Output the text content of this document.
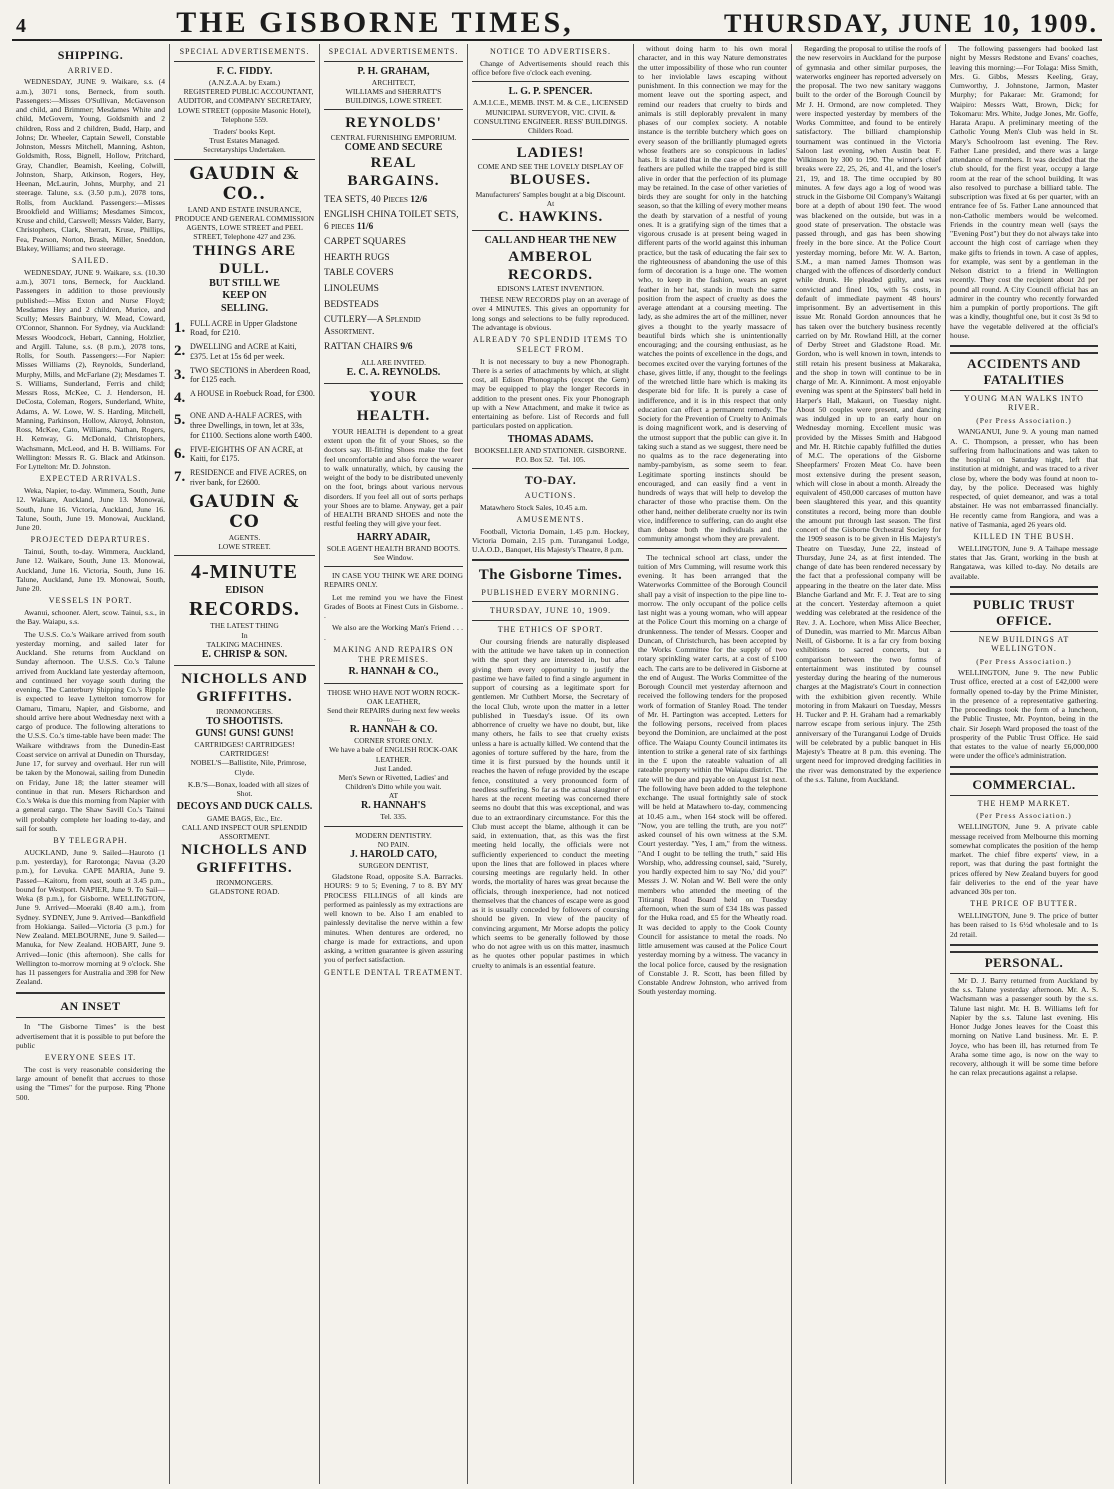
4	THE GISBORNE TIMES,	THURSDAY, JUNE 10, 1909.
SHIPPING.
ARRIVED.

WEDNESDAY, JUNE 9. Waikare, s.s. (4 a.m.), 3071 tons, Berneck, from south. Passengers:—Misses O'Sullivan, McGavenson and child, and Brimmer; Mesdames White and child, McGovern, Young, Goldsmith and 2 children, Ross and 2 children, Budd, Harp, and Johns; Dr. Wheeler, Captain Sewell, Constable Johnston, Messrs Mitchell, Manning, Ashton, Goldsmith, Ross, Bignell, Hollow, Pritchard, Gray, Chandler, Beamish, Keeling, Colwill, Johnston, Sharp, Atkinson, Rogers, Hey, Heenan, McLaurin, Johns, Murphy, and 21 steerage. Talune, s.s. (3.50 p.m.), 2078 tons, Rolls, from Auckland. Passengers:—Misses Brookfield and Williams; Mesdames Simcox, Kruse and child, Carswell; Messrs Valder, Barry, Christophers, Clark, Sherratt, Kruse, Phillips, Fea, Pearson, Norton, Brash, Miller, Sneddon, Blakey, Williams; and two steerage.

SAILED.

WEDNESDAY, JUNE 9. Waikare, s.s. (10.30 a.m.), 3071 tons, Berneck, for Auckland. Passengers in addition to those previously published:—Miss Exton and Nurse Floyd; Mesdames Hey and 2 children, Murice, and Scully; Messrs Bainbury, W. Mead, Coward, O'Connor, Shannon. For Sydney, via Auckland: Messrs Woodcock, Hebart, Canning, Holzlier, and Argill. Talune, s.s. (8 p.m.), 2078 tons, Rolls, for South. Passengers:—For Napier: Misses Williams (2), Reynolds, Sunderland, Murphy, Mills, and McFarlane (2); Mesdames T. S. Williams, Sunderland, Ferris and child; Messrs Ross, McKee, C. J. Henderson, H. DeCosta, Coleman, Rogers, Sunderland, White, Adams, A. W. Lowe, W. S. Harding, Mitchell, Manning, Parkinson, Hollow, Akroyd, Johnston, Ross, McKee, Cato, Williams, Nathan, Rogers, H. Kenway, G. McDonald, Christophers, Wachsmann, McLeod, and H. B. Williams. For Wellington: Messrs R. G. Black and Atkinson. For Lyttelton: Mr. D. Johnston.

EXPECTED ARRIVALS.

Weka, Napier, to-day. Wimmera, South, June 12. Waikare, Auckland, June 13. Monowai, South, June 16. Victoria, Auckland, June 16. Talune, South, June 19. Monowai, Auckland, June 20.

PROJECTED DEPARTURES.

Tainui, South, to-day. Wimmera, Auckland, June 12. Waikare, South, June 13. Monowai, Auckland, June 16. Victoria, South, June 16. Talune, Auckland, June 19. Monowai, South, June 20.

VESSELS IN PORT.

Awanui, schooner. Alert, scow. Tainui, s.s., in the Bay. Waiapu, s.s.

The U.S.S. Co.'s Waikare arrived from south yesterday morning, and sailed later for Auckland. She returns from Auckland on Sunday afternoon. The U.S.S. Co.'s Talune arrived from Auckland late yesterday afternoon, and continued her voyage south during the evening. The Canterbury Shipping Co.'s Ripple is expected to leave Lyttelton tomorrow for Oamaru, Timaru, Napier, and Gisborne, and should arrive here about Wednesday next with a cargo of produce. The following alterations to the U.S.S. Co.'s time-table have been made: The Waikare withdraws from the Dunedin-East Coast service on arrival at Dunedin on Thursday, June 17, for survey and overhaul. Her run will be taken by the Monowai, sailing from Dunedin on Friday, June 18; the latter steamer will continue in that run. Mesers Richardson and Co.'s Weka is due this morning from Napier with a general cargo. The Shaw Savill Co.'s Tainui will probably complete her loading to-day, and sail for south.

BY TELEGRAPH.

AUCKLAND, June 9. Sailed—Hauroto (1 p.m. yesterday), for Rarotonga; Navua (3.20 p.m.), for Levuka. CAPE MARIA, June 9. Passed—Kaitoru, from east, south at 3.45 p.m., bound for Westport. NAPIER, June 9. To Sail—Weka (8 p.m.), for Gisborne. WELLINGTON, June 9. Arrived—Moeraki (8.40 a.m.), from Sydney. SYDNEY, June 9. Arrived—Bankdfield from Hokianga. Sailed—Victoria (3 p.m.) for New Zealand. MELBOURNE, June 9. Sailed—Manuka, for New Zealand. HOBART, June 9. Arrived—Ionic (this afternoon). She calls for Wellington to-morrow morning at 9 o'clock. She has 11 passengers for Australia and 398 for New Zealand.

AN INSET

In "The Gisborne Times" is the best advertisement that it is possible to put before the public

EVERYONE SEES IT.

The cost is very reasonable considering the large amount of benefit that accrues to those using the "Times" for the purpose. Ring 'Phone 500.

SPECIAL ADVERTISEMENTS.
F. C. FIDDY.
(A.N.Z.A.A. by Exam.)

REGISTERED PUBLIC ACCOUNTANT, AUDITOR, and COMPANY SECRETARY, LOWE STREET (opposite Masonic Hotel), Telephone 559.

Traders' books Kept.
Trust Estates Managed.
Secretaryships Undertaken.
GAUDIN & CO..
LAND AND ESTATE INSURANCE, PRODUCE AND GENERAL COMMISSION AGENTS, LOWE STREET and PEEL STREET, Telephone 427 and 236.
THINGS ARE
DULL.
BUT STILL WE
KEEP ON
SELLING.
1. FULL ACRE in Upper Gladstone Road, for £210.
2. DWELLING and ACRE at Kaiti, £375. Let at 15s 6d per week.
3. TWO SECTIONS in Aberdeen Road, for £125 each.
4. A HOUSE in Roebuck Road, for £300.
5. ONE AND A-HALF ACRES, with three Dwellings, in town, let at 33s, for £1100. Sections alone worth £400.
6. FIVE-EIGHTHS OF AN ACRE, at Kaiti, for £175.
7. RESIDENCE and FIVE ACRES, on river bank, for £2600.
GAUDIN & CO
AGENTS.
LOWE STREET.
4-MINUTE
EDISON
RECORDS.
THE LATEST THING
In
TALKING MACHINES.
E. CHRISP & SON.
NICHOLLS AND
GRIFFITHS.
IRONMONGERS.
TO SHOOTISTS.
GUNS! GUNS! GUNS!
CARTRIDGES! CARTRIDGES! CARTRIDGES!

NOBEL'S—Ballistite, Nile, Primrose, Clyde.

K.B.'S—Bonax, loaded with all sizes of Shot.

DECOYS AND DUCK CALLS.
GAME BAGS, Etc., Etc.
CALL AND INSPECT OUR SPLENDID ASSORTMENT.
NICHOLLS AND
GRIFFITHS.
IRONMONGERS.
GLADSTONE ROAD.
SPECIAL ADVERTISEMENTS.
P. H. GRAHAM,
ARCHITECT,
WILLIAMS and SHERRATT'S BUILDINGS, LOWE STREET.
REYNOLDS'
CENTRAL FURNISHING EMPORIUM.
COME AND SECURE
REAL BARGAINS.
TEA SETS, 40 Pieces 12/6
ENGLISH CHINA TOILET SETS, 6 pieces 11/6
CARPET SQUARES
HEARTH RUGS
TABLE COVERS
LINOLEUMS
BEDSTEADS
CUTLERY—A Splendid Assortment.
RATTAN CHAIRS 9/6
ALL ARE INVITED.
E. C. A. REYNOLDS.
YOUR
HEALTH.

YOUR HEALTH is dependent to a great extent upon the fit of your Shoes, so the doctors say. Ill-fitting Shoes make the feet feel uncomfortable and also force the wearer to walk unnaturally, which, by causing the weight of the body to be distributed unevenly on the foot, brings about various nervous disorders. If you feel all out of sorts perhaps your Shoes are to blame. Anyway, get a pair of HEALTH BRAND SHOES and note the restful feeling they will give your feet.

HARRY ADAIR,
SOLE AGENT HEALTH BRAND BOOTS.
See Window.

IN CASE YOU THINK WE ARE DOING REPAIRS ONLY.

Let me remind you we have the Finest Grades of Boots at Finest Cuts in Gisborne. . .

We also are the Working Man's Friend . . . .

MAKING AND REPAIRS ON THE PREMISES.
R. HANNAH & CO.,
THOSE WHO HAVE NOT WORN ROCK-OAK LEATHER,
Send their REPAIRS during next few weeks to—
R. HANNAH & CO.
CORNER STORE ONLY.
We have a bale of ENGLISH ROCK-OAK LEATHER.
Just Landed.
Men's Sewn or Rivetted, Ladies' and Children's Ditto while you wait.
AT
R. HANNAH'S
Tel. 335.
MODERN DENTISTRY.
NO PAIN.
J. HAROLD CATO,
SURGEON DENTIST,

Gladstone Road, opposite S.A. Barracks. HOURS: 9 to 5; Evening, 7 to 8. BY MY PROCESS FILLINGS of all kinds are performed as painlessly as my extractions are well known to be. Also I am enabled to painlessly devitalise the nerve within a few minutes. When dentures are ordered, no charge is made for extractions, and upon asking, a written guarantee is given assuring you of perfect satisfaction.

GENTLE DENTAL TREATMENT.
NOTICE TO ADVERTISERS.

Change of Advertisements should reach this office before five o'clock each evening.

L. G. P. SPENCER.
A.M.I.C.E., MEMB. INST. M. & C.E., LICENSED MUNICIPAL SURVEYOR, VIC. CIVIL & CONSULTING ENGINEER. RESS' BUILDINGS. Childers Road.
LADIES!
COME AND SEE THE LOVELY DISPLAY OF
BLOUSES.
Manufacturers' Samples bought at a big Discount.
At
C. HAWKINS.
CALL AND HEAR THE NEW
AMBEROL RECORDS.
EDISON'S LATEST INVENTION.

THESE NEW RECORDS play on an average of over 4 MINUTES. This gives an opportunity for long songs and selections to be fully reproduced. The advantage is obvious.

ALREADY 70 SPLENDID ITEMS TO SELECT FROM.

It is not necessary to buy a new Phonograph. There is a series of attachments by which, at slight cost, all Edison Phonographs (except the Gem) may be equipped to play the longer Records in addition to the present ones. Fix your Phonograph up with a New Attachment, and make it twice as entertaining as before. List of Records and full particulars posted on application.

THOMAS ADAMS.
BOOKSELLER AND STATIONER. GISBORNE.
P.O. Box 52. Tel. 105.
TO-DAY.
AUCTIONS.

Matawhero Stock Sales, 10.45 a.m.

AMUSEMENTS.

Football, Victoria Domain, 1.45 p.m. Hockey, Victoria Domain, 2.15 p.m. Turanganui Lodge, U.A.O.D., Banquet, His Majesty's Theatre, 8 p.m.

The Gisborne Times.
PUBLISHED EVERY MORNING.
THURSDAY, JUNE 10, 1909.
THE ETHICS OF SPORT.

Our coursing friends are naturally displeased with the attitude we have taken up in connection with the sport they are interested in, but after giving them every opportunity to justify the pastime we have failed to find a single argument in support of coursing as a legitimate sport for gentlemen. Mr Cuthbert Morse, the Secretary of the local Club, wrote upon the matter in a letter published in Tuesday's issue. Of its own abhorrence of cruelty we have no doubt, but, like many others, he fails to see that cruelty exists unless a hare is actually killed. We contend that the agonies of torture suffered by the hare, from the time it is first pursued by the hounds until it reaches the haven of refuge provided by the escape fence, constituted a very pronounced form of needless suffering. So far as the actual slaughter of hares at the recent meeting was concerned there seems no doubt that this was exceptional, and was due to an extraordinary circumstance. For this the Club must accept the blame, although it can be said, in extenuation, that, as this was the first meeting held locally, the officials were not sufficiently experienced to conduct the meeting upon the lines that are followed in places where coursing meetings are regularly held. In other words, the mortality of hares was great because the officials, through inexperience, had not noticed themselves that the chances of escape were as good as it is usually conceded by followers of coursing should be given. In view of the paucity of convincing argument, Mr Morse adopts the policy which seems to be generally followed by those who do not agree with us on this matter, inasmuch as he quotes other popular pastimes in which cruelty to animals is an essential feature.

without doing harm to his own moral character, and in this way Nature demonstrates the utter impossibility of those who run counter to her inviolable laws escaping without punishment. In this connection we may for the moment leave out the sporting aspect, and remind our readers that cruelty to birds and animals is still deplorably prevalent in many phases of our complex society. A notable instance is the terrible butchery which goes on every season of the brilliantly plumaged egrets whose feathers are so conspicuous in ladies' hats. It is stated that in the case of the egret the feathers are pulled while the trapped bird is still alive in order that the perfection of its plumage may be retained. In the case of other varieties of birds they are sought for only in the hatching season, so that the killing of every mother means the death by starvation of a nestful of young ones. It is a gratifying sign of the times that a vigorous crusade is at present being waged in different parts of the world against this inhuman practice, but the task of educating the fair sex to the righteousness of abandoning the use of this form of decoration is a huge one. The women who, to keep in the fashion, wears an egret feather in her hat, stands in much the same position from the aspect of cruelty as does the average attendant at a coursing meeting. The lady, as she admires the art of the milliner, never gives a thought to the yearly massacre of beautiful birds which she is unintentionally encouraging; and the coursing enthusiast, as he watches the points of excellence in the dogs, and becomes excited over the varying fortunes of the chase, gives little, if any, thought to the feelings of the wretched little hare which is making its desperate bid for life. It is purely a case of indifference, and it is in this respect that only education can effect a permanent remedy. The Society for the Prevention of Cruelty to Animals is doing magnificent work, and is deserving of the utmost support that the public can give it. In taking such a stand as we suggest, there need be no qualms as to the race degenerating into namby-pambyism, as some seem to fear. Legitimate sporting instincts should be encouraged, and can easily find a vent in hundreds of ways that will help to develop the character of those who practise them. On the other hand, neither deliberate cruelty nor its twin vice, indifference to suffering, can do aught else than debase both the individuals and the community amongst whom they are prevalent.

The technical school art class, under the tuition of Mrs Cumming, will resume work this evening. It has been arranged that the Waterworks Committee of the Borough Council shall pay a visit of inspection to the pipe line to-morrow. The only occupant of the police cells last night was a young woman, who will appear at the Police Court this morning on a charge of drunkenness. The tender of Messrs. Cooper and Duncan, of Christchurch, has been accepted by the Works Committee for the supply of two rotary sprinkling water carts, at a cost of £100 each. The carts are to be delivered in Gisborne at the end of August. The Works Committee of the Borough Council met yesterday afternoon and received the following tenders for the proposed work of formation of Stanley Road. The tender of Mr. H. Partington was accepted. Letters for the following persons, received from places beyond the Dominion, are unclaimed at the post office. The Waiapu County Council intimates its intention to strike a general rate of six farthings in the £ upon the rateable valuation of all rateable property within the Waiapu district. The rate will be due and payable on August 1st next. The following have been added to the telephone exchange. The usual fortnightly sale of stock will be held at Matawhero to-day, commencing at 10.45 a.m., when 164 stock will be offered. "Now, you are telling the truth, are you not?" asked counsel of his own witness at the S.M. Court yesterday. "Yes, I am," from the witness. "And I ought to be telling the truth," said His Worship, who, addressing counsel, said, "Surely, you hardly expected him to say 'No,' did you?" Messrs J. W. Nolan and W. Bell were the only members who attended the meeting of the Titirangi Road Board held on Tuesday afternoon, when the sum of £34 18s was passed for the Huka road, and £5 for the Wheatly road. It was decided to apply to the Cook County Council for assistance to metal the roads. No little amusement was caused at the Police Court yesterday morning by a witness. The vacancy in the local police force, caused by the resignation of Constable J. R. Scott, has been filled by Constable Andrew Johnston, who arrived from South yesterday morning.

Regarding the proposal to utilise the roofs of the new reservoirs in Auckland for the purpose of gymnasia and other similar purposes, the waterworks engineer has reported adversely on the proposal. The two new sanitary waggons built to the order of the Borough Council by Mr J. H. Ormond, are now completed. They were inspected yesterday by members of the Works Committee, and found to be entirely satisfactory. The billiard championship tournament was continued in the Victoria Saloon last evening, when Austin beat F. Wilkinson by 300 to 190. The winner's chief breaks were 22, 25, 26, and 41, and the loser's 21, 19, and 18. The time occupied by 80 minutes. A few days ago a log of wood was struck in the Gisborne Oil Company's Waitangi bore at a depth of about 190 feet. The wood was blackened on the outside, but was in a good state of preservation. The obstacle was passed through, and gas has been showing freely in the bore since. At the Police Court yesterday morning, before Mr. W. A. Barton, S.M., a man named James Thomson was charged with the offences of disorderly conduct while drunk. He pleaded guilty, and was convicted and fined 10s, with 5s costs, in default of immediate payment 48 hours' imprisonment. By an advertisement in this issue Mr. Ronald Gordon announces that he has taken over the butchery business recently carried on by Mr. Rowland Hill, at the corner of Derby Street and Gladstone Road. Mr. Gordon, who is well known in town, intends to still retain his present business at Makaraka, and the shop in town will continue to be in charge of Mr. A. Kinnimont. A most enjoyable evening was spent at the Spinsters' ball held in Harper's Hall, Makauri, on Tuesday night. About 50 couples were present, and dancing was indulged in up to an early hour on Wednesday morning. Excellent music was provided by the Misses Smith and Habgood and Mr. H. Ritchie capably fulfilled the duties of M.C. The operations of the Gisborne Sheepfarmers' Frozen Meat Co. have been most extensive during the present season, which will close in about a month. Already the equivalent of 450,000 carcases of mutton have been slaughtered this year, and this quantity constitutes a record, being more than double the amount put through last season. The first concert of the Gisborne Orchestral Society for the 1909 season is to be given in His Majesty's Theatre on Tuesday, June 22, instead of Thursday, June 24, as at first intended. The change of date has been rendered necessary by the fact that a professional company will be appearing in the theatre on the later date. Miss Blanche Garland and Mr. F. J. Teat are to sing at the concert. Yesterday afternoon a quiet wedding was celebrated at the residence of the Rev. J. A. Lochore, when Miss Alice Beecher, of Dunedin, was married to Mr. Marcus Alban Neill, of Gisborne. It is a far cry from boxing exhibitions to sacred concerts, but a comparison between the two forms of entertainment was instituted by counsel yesterday during the hearing of the numerous charges at the Magistrate's Court in connection with the exhibition given recently. While motoring in from Makauri on Tuesday, Messrs H. Tucker and P. H. Graham had a remarkably narrow escape from serious injury. The 25th anniversary of the Turanganui Lodge of Druids will be celebrated by a public banquet in His Majesty's Theatre at 8 p.m. this evening. The urgent need for improved dredging facilities in the river was demonstrated by the experience of the s.s. Talune, from Auckland.

The following passengers had booked last night by Messrs Redstone and Evans' coaches, leaving this morning:—For Tolaga: Miss Smith, Mrs. G. Gibbs, Messrs Keeling, Gray, Cumworthy, J. Johnstone, Jarmon, Master Murphy; for Pakarae: Mr. Gramond; for Waipiro: Messrs Watt, Brown, Dick; for Tokomaru: Mrs. White, Judge Jones, Mr. Goffe, Harata Arapu. A preliminary meeting of the Catholic Young Men's Club was held in St. Mary's Schoolroom last evening. The Rev. Father Lane presided, and there was a large attendance of members. It was decided that the club should, for the first year, occupy a large room at the rear of the school building. It was also resolved to purchase a billiard table. The subscription was fixed at 6s per quarter, with an entrance fee of 5s. Father Lane announced that non-Catholic members would be welcomed. Friends in the country mean well (says the "Evening Post") but they do not always take into account the high cost of carriage when they make gifts to friends in town. A case of apples, for example, was sent by a gentleman in the Nelson district to a friend in Wellington recently. They cost the recipient about 2d per pound all round. A City Council official has an admirer in the country who recently forwarded him a pumpkin of portly proportions. The gift was a kindly, thoughtful one, but it cost 3s 9d to have the vegetable delivered at the official's house.

ACCIDENTS AND FATALITIES
YOUNG MAN WALKS INTO RIVER.
(Per Press Association.)

WANGANUI, June 9. A young man named A. C. Thompson, a presser, who has been suffering from hallucinations and was taken to the hospital on Saturday night, left that institution at midnight, and was traced to a river close by, where the body was found at noon to-day, by the police. Deceased was highly respected, of quiet demeanor, and was a total abstainer. He was not embarrassed financially. He recently came from Rangiora, and was a native of Tasmania, aged 26 years old.

KILLED IN THE BUSH.

WELLINGTON, June 9. A Taihape message states that Jas. Grant, working in the bush at Rangatawa, was killed to-day. No details are available.

PUBLIC TRUST OFFICE.
NEW BUILDINGS AT WELLINGTON.
(Per Press Association.)

WELLINGTON, June 9. The new Public Trust office, erected at a cost of £42,000 were formally opened to-day by the Prime Minister, in the presence of a representative gathering. The proceedings took the form of a luncheon, the Public Trustee, Mr. Poynton, being in the chair. Sir Joseph Ward proposed the toast of the prosperity of the Public Trust Office. He said that estates to the value of nearly £6,000,000 were under the office's administration.

COMMERCIAL.
THE HEMP MARKET.
(Per Press Association.)

WELLINGTON, June 9. A private cable message received from Melbourne this morning somewhat complicates the position of the hemp market. The chief fibre experts' view, in a report, was that during the past fortnight the prices offered by New Zealand buyers for good fair deliveries to the end of the year have advanced 30s per ton.

THE PRICE OF BUTTER.

WELLINGTON, June 9. The price of butter has been raised to 1s 6½d wholesale and to 1s 2d retail.

PERSONAL.

Mr D. J. Barry returned from Auckland by the s.s. Talune yesterday afternoon. Mr. A. S. Wachsmann was a passenger south by the s.s. Talune last night. Mr. H. B. Williams left for Napier by the s.s. Talune last evening. His Honor Judge Jones leaves for the Coast this morning on Native Land business. Mr. E. P. Joyce, who has been ill, has returned from Te Araha some time ago, is now on the way to recovery, although it will be some time before he can relax precautions against a relapse.
